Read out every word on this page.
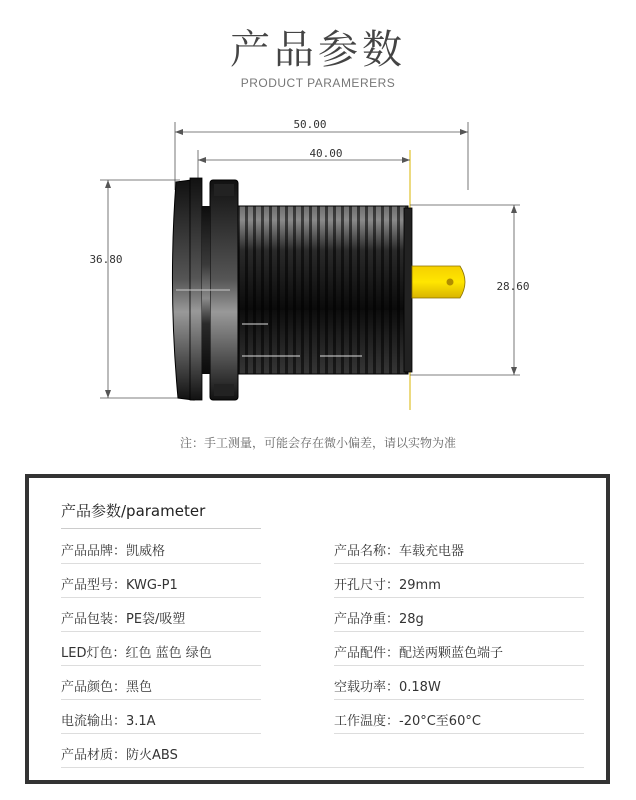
产品参数
PRODUCT PARAMERERS
50.00
40.00
36.80
28.60
注：手工测量，可能会存在微小偏差，请以实物为准
产品参数/parameter
产品品牌：凯威格	产品名称：车载充电器
产品型号：KWG-P1	开孔尺寸：29mm
产品包装：PE袋/吸塑	产品净重：28g
LED灯色：红色 蓝色 绿色	产品配件：配送两颗蓝色端子
产品颜色：黑色	空载功率：0.18W
电流输出：3.1A	工作温度：-20°C至60°C
产品材质：防火ABS
